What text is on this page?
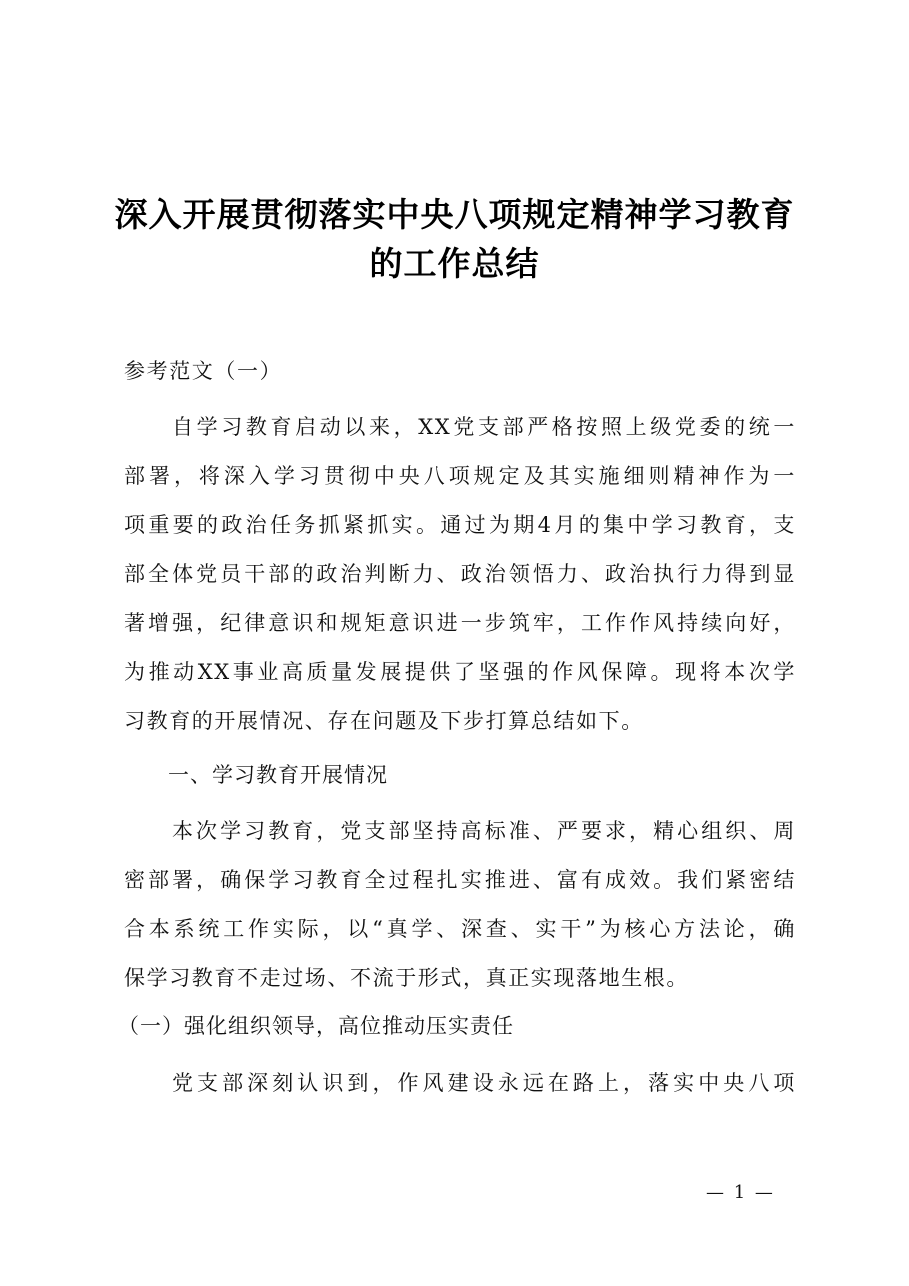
深入开展贯彻落实中央八项规定精神学习教育
的工作总结
参考范文（一）
自学习教育启动以来，XX党支部严格按照上级党委的统一
部署，将深入学习贯彻中央八项规定及其实施细则精神作为一
项重要的政治任务抓紧抓实。通过为期4月的集中学习教育，支
部全体党员干部的政治判断力、政治领悟力、政治执行力得到显
著增强，纪律意识和规矩意识进一步筑牢，工作作风持续向好，
为推动XX事业高质量发展提供了坚强的作风保障。现将本次学
习教育的开展情况、存在问题及下步打算总结如下。
一、学习教育开展情况
本次学习教育，党支部坚持高标准、严要求，精心组织、周
密部署，确保学习教育全过程扎实推进、富有成效。我们紧密结
合本系统工作实际，以“真学、深查、实干”为核心方法论，确
保学习教育不走过场、不流于形式，真正实现落地生根。
（一）强化组织领导，高位推动压实责任
党支部深刻认识到，作风建设永远在路上，落实中央八项
— 1 —
